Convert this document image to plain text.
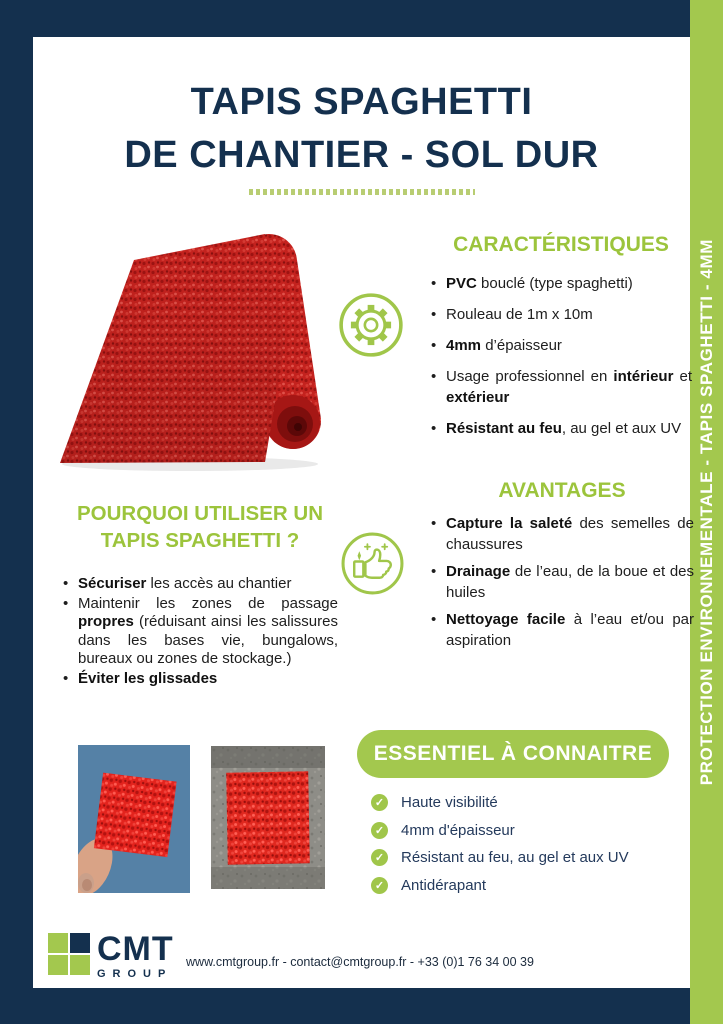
PROTECTION ENVIRONNEMENTALE - TAPIS SPAGHETTI - 4MM
TAPIS SPAGHETTI
DE CHANTIER - SOL DUR
CARACTÉRISTIQUES
• PVC bouclé (type spaghetti)
• Rouleau de 1m x 10m
• 4mm d’épaisseur
• Usage professionnel en intérieur et extérieur
• Résistant au feu, au gel et aux UV
POURQUOI UTILISER UN
TAPIS SPAGHETTI ?
• Sécuriser les accès au chantier
• Maintenir les zones de passage propres (réduisant ainsi les salissures dans les bases vie, bungalows, bureaux ou zones de stockage.)
• Éviter les glissades
AVANTAGES
• Capture la saleté des semelles de chaussures
• Drainage de l’eau, de la boue et des huiles
• Nettoyage facile à l’eau et/ou par aspiration
ESSENTIEL À CONNAITRE
✓ Haute visibilité
✓ 4mm d'épaisseur
✓ Résistant au feu, au gel et aux UV
✓ Antidérapant
CMT
GROUP
www.cmtgroup.fr - contact@cmtgroup.fr - +33 (0)1 76 34 00 39
